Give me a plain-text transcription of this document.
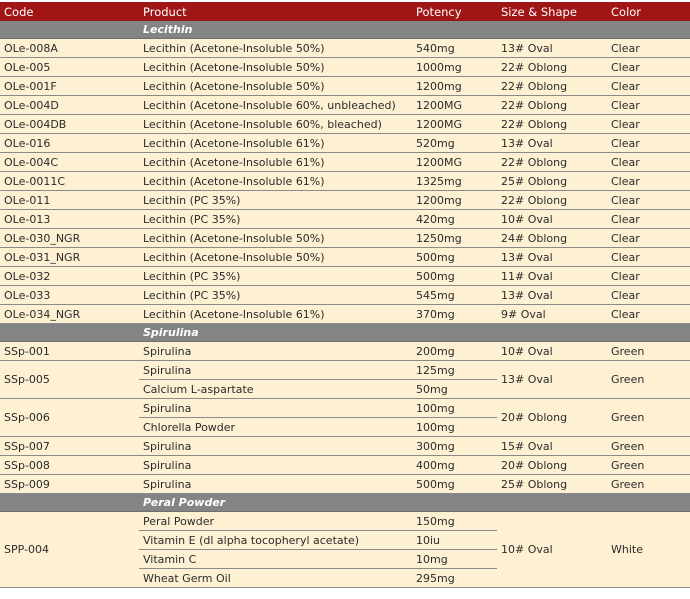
Code	Product	Potency	Size & Shape	Color
	Lecithin			
OLe-008A	Lecithin (Acetone-Insoluble 50%)	540mg	13# Oval	Clear
OLe-005	Lecithin (Acetone-Insoluble 50%)	1000mg	22# Oblong	Clear
OLe-001F	Lecithin (Acetone-Insoluble 50%)	1200mg	22# Oblong	Clear
OLe-004D	Lecithin (Acetone-Insoluble 60%, unbleached)	1200MG	22# Oblong	Clear
OLe-004DB	Lecithin (Acetone-Insoluble 60%, bleached)	1200MG	22# Oblong	Clear
OLe-016	Lecithin (Acetone-Insoluble 61%)	520mg	13# Oval	Clear
OLe-004C	Lecithin (Acetone-Insoluble 61%)	1200MG	22# Oblong	Clear
OLe-0011C	Lecithin (Acetone-Insoluble 61%)	1325mg	25# Oblong	Clear
OLe-011	Lecithin (PC 35%)	1200mg	22# Oblong	Clear
OLe-013	Lecithin (PC 35%)	420mg	10# Oval	Clear
OLe-030_NGR	Lecithin (Acetone-Insoluble 50%)	1250mg	24# Oblong	Clear
OLe-031_NGR	Lecithin (Acetone-Insoluble 50%)	500mg	13# Oval	Clear
OLe-032	Lecithin (PC 35%)	500mg	11# Oval	Clear
OLe-033	Lecithin (PC 35%)	545mg	13# Oval	Clear
OLe-034_NGR	Lecithin (Acetone-Insoluble 61%)	370mg	9# Oval	Clear
	Spirulina			
SSp-001	Spirulina	200mg	10# Oval	Green
SSp-005	Spirulina	125mg	13# Oval	Green
	Calcium L-aspartate	50mg		
SSp-006	Spirulina	100mg	20# Oblong	Green
	Chlorella Powder	100mg		
SSp-007	Spirulina	300mg	15# Oval	Green
SSp-008	Spirulina	400mg	20# Oblong	Green
SSp-009	Spirulina	500mg	25# Oblong	Green
	Peral Powder			
SPP-004	Peral Powder	150mg	10# Oval	White
	Vitamin E (dl alpha tocopheryl acetate)	10iu		
	Vitamin C	10mg		
	Wheat Germ Oil	295mg		
